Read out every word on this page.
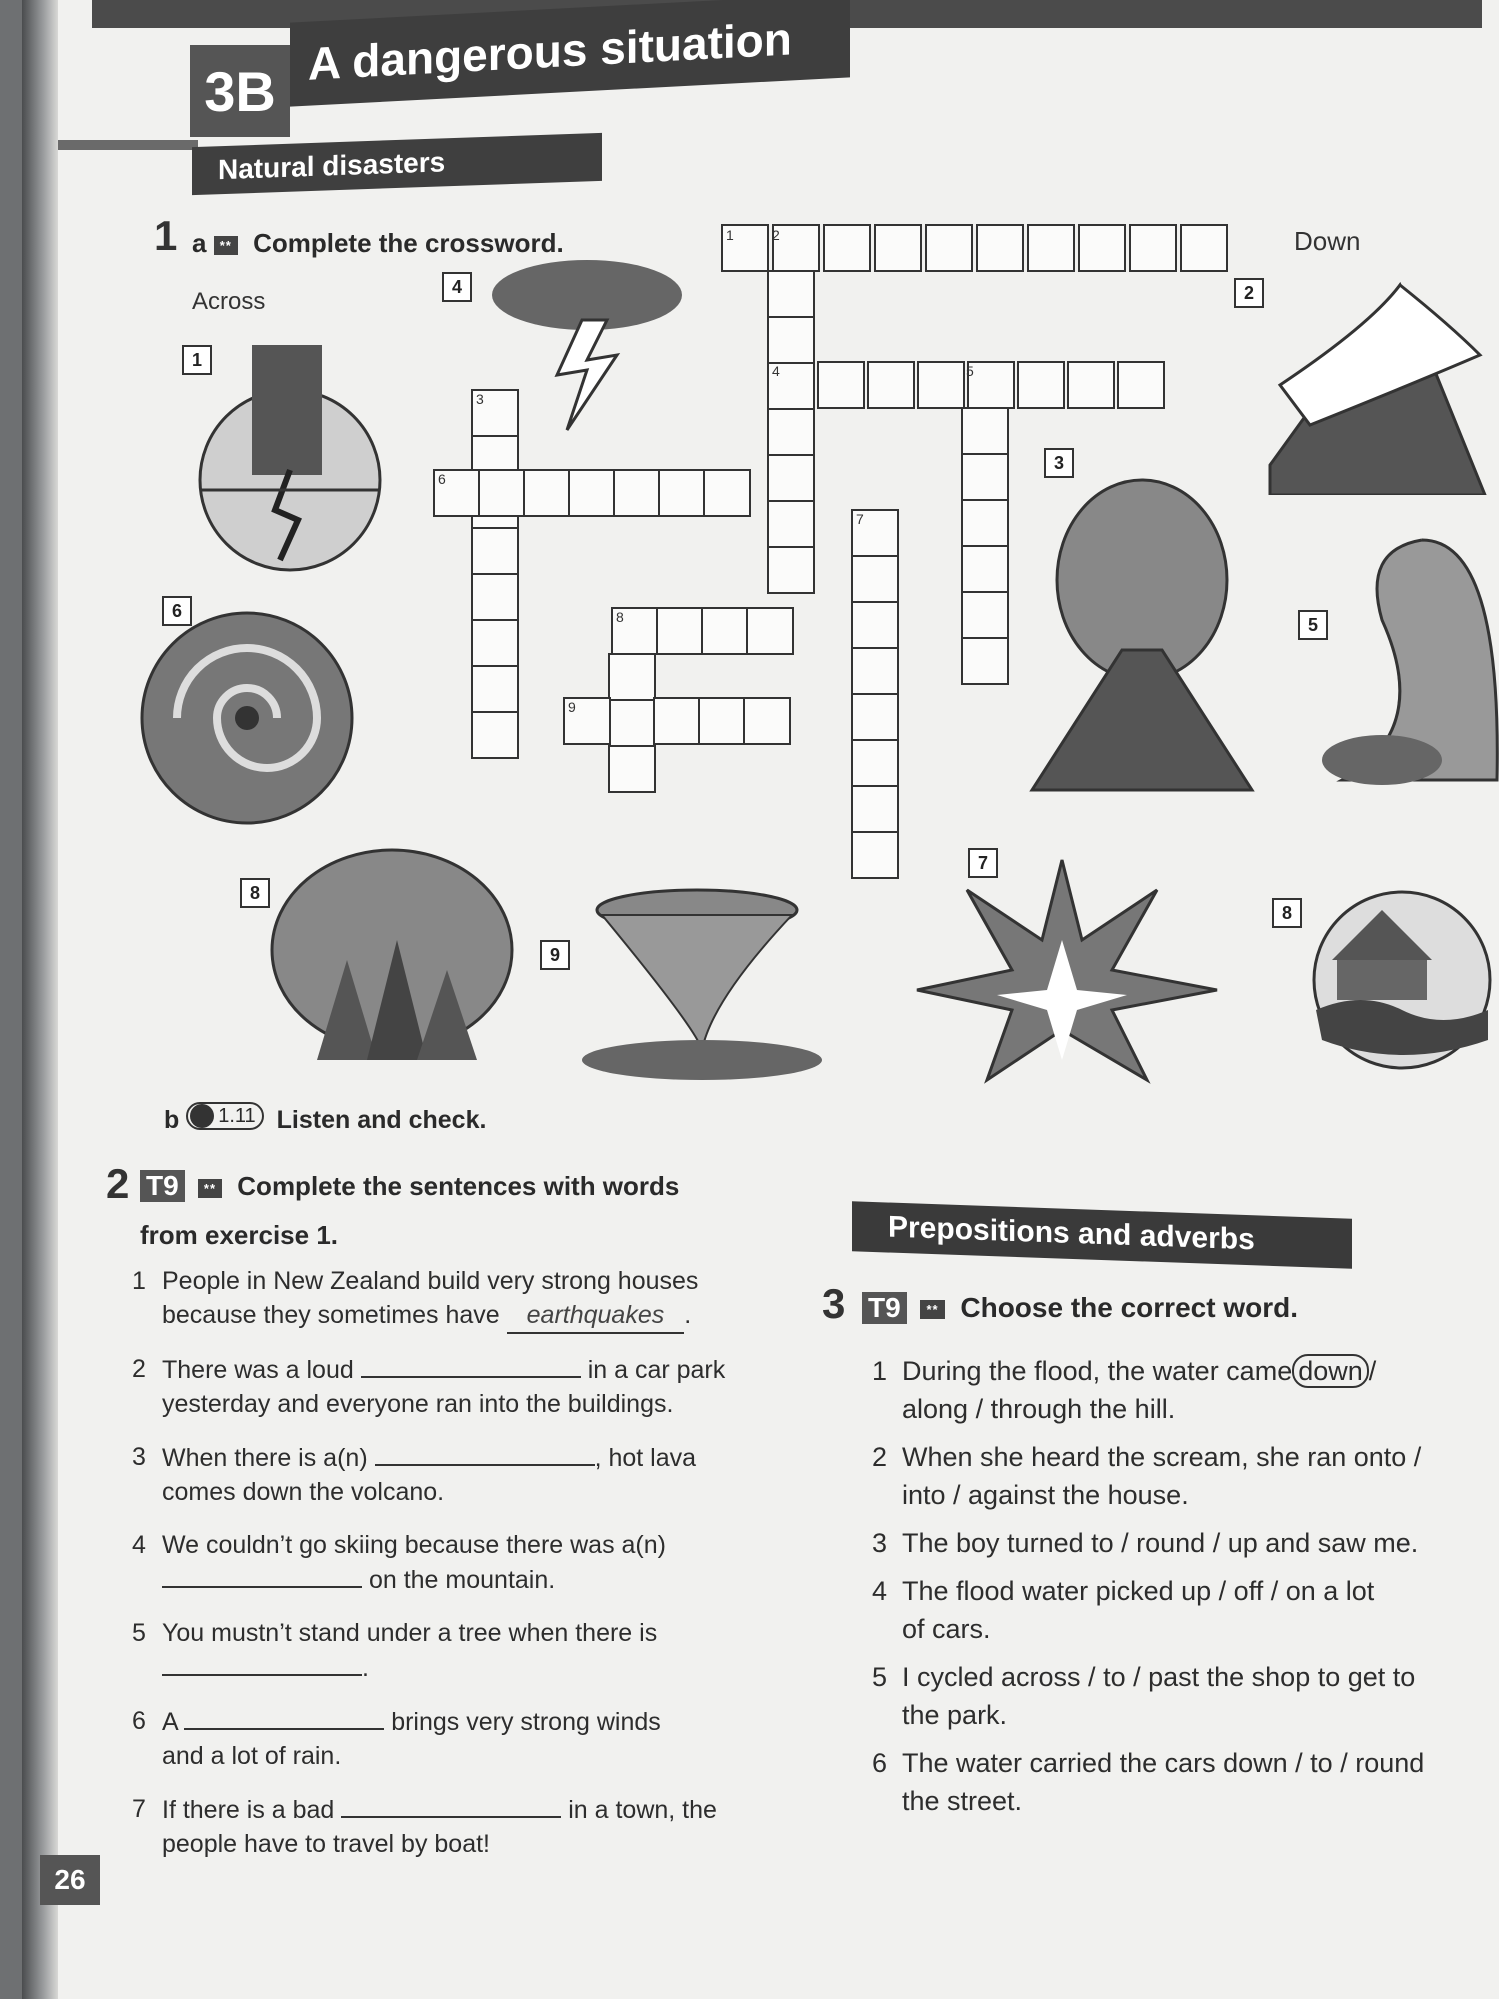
3B
A dangerous situation
Natural disasters
1 a ** Complete the crossword.
Across
Down
1	2
3
4	5
6
7
8
9
1
4
6
8
9
2
3
5
7
8
b 1.11 Listen and check.
2 T9 ** Complete the sentences with words
from exercise 1.
1 People in New Zealand build very strong houses
because they sometimes have earthquakes .
2 There was a loud	in a car park
yesterday and everyone ran into the buildings.
3 When there is a(n)	, hot lava
comes down the volcano.
4 We couldn’t go skiing because there was a(n)
on the mountain.
5 You mustn’t stand under a tree when there is
.
6 A	brings very strong winds
and a lot of rain.
7 If there is a bad	in a town, the
people have to travel by boat!
Prepositions and adverbs
3 T9 ** Choose the correct word.
1 During the flood, the water came down /
along / through the hill.
2 When she heard the scream, she ran onto /
into / against the house.
3 The boy turned to / round / up and saw me.
4 The flood water picked up / off / on a lot
of cars.
5 I cycled across / to / past the shop to get to
the park.
6 The water carried the cars down / to / round
the street.
26
